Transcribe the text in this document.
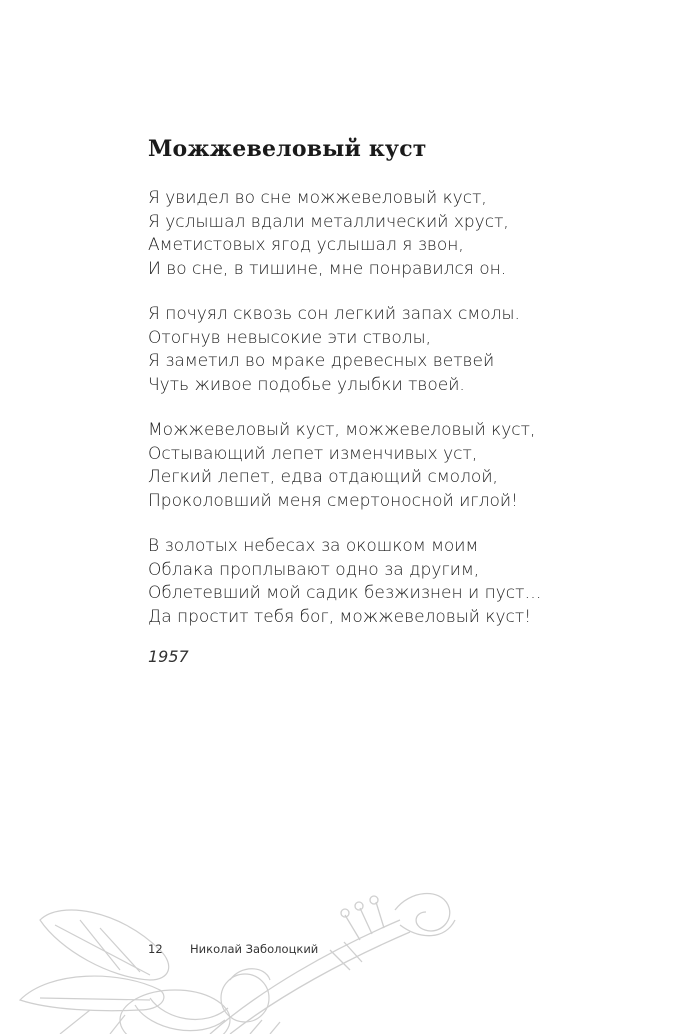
Можжевеловый куст
Я увидел во сне можжевеловый куст,
Я услышал вдали металлический хруст,
Аметистовых ягод услышал я звон,
И во сне, в тишине, мне понравился он.
Я почуял сквозь сон легкий запах смолы.
Отогнув невысокие эти стволы,
Я заметил во мраке древесных ветвей
Чуть живое подобье улыбки твоей.
Можжевеловый куст, можжевеловый куст,
Остывающий лепет изменчивых уст,
Легкий лепет, едва отдающий смолой,
Проколовший меня смертоносной иглой!
В золотых небесах за окошком моим
Облака проплывают одно за другим,
Облетевший мой садик безжизнен и пуст…
Да простит тебя бог, можжевеловый куст!
1957
12 Николай Заболоцкий
